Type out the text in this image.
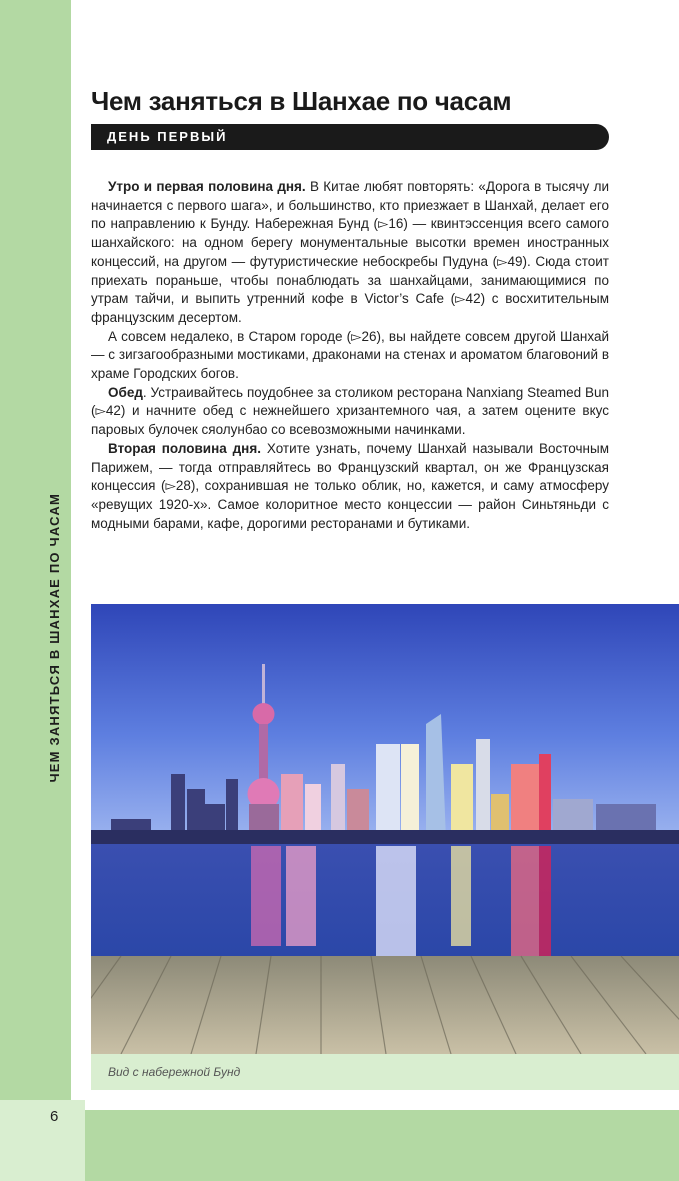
ЧЕМ ЗАНЯТЬСЯ В ШАНХАЕ ПО ЧАСАМ
Чем заняться в Шанхае по часам
ДЕНЬ ПЕРВЫЙ

Утро и первая половина дня. В Китае любят повторять: «Дорога в тысячу ли начинается с первого шага», и большинство, кто приезжает в Шанхай, делает его по направлению к Бунду. Набережная Бунд (▻16) — квинтэссенция всего самого шанхайского: на одном берегу монументальные высотки времен иностранных концессий, на другом — футуристические небоскребы Пудуна (▻49). Сюда стоит приехать пораньше, чтобы понаблюдать за шанхайцами, занимающимися по утрам тайчи, и выпить утренний кофе в Victor’s Cafe (▻42) с восхитительным французским десертом.

А совсем недалеко, в Старом городе (▻26), вы найдете совсем другой Шанхай — с зигзагообразными мостиками, драконами на стенах и ароматом благовоний в храме Городских богов.

Обед. Устраивайтесь поудобнее за столиком ресторана Nanxiang Steamed Bun (▻42) и начните обед с нежнейшего хризантемного чая, а затем оцените вкус паровых булочек сяолунбао со всевозможными начинками.

Вторая половина дня. Хотите узнать, почему Шанхай называли Восточным Парижем, — тогда отправляйтесь во Французский квартал, он же Французская концессия (▻28), сохранившая не только облик, но, кажется, и саму атмосферу «ревущих 1920-х». Самое колоритное место концессии — район Синьтяньди с модными барами, кафе, дорогими ресторанами и бутиками.

Вид с набережной Бунд
6
